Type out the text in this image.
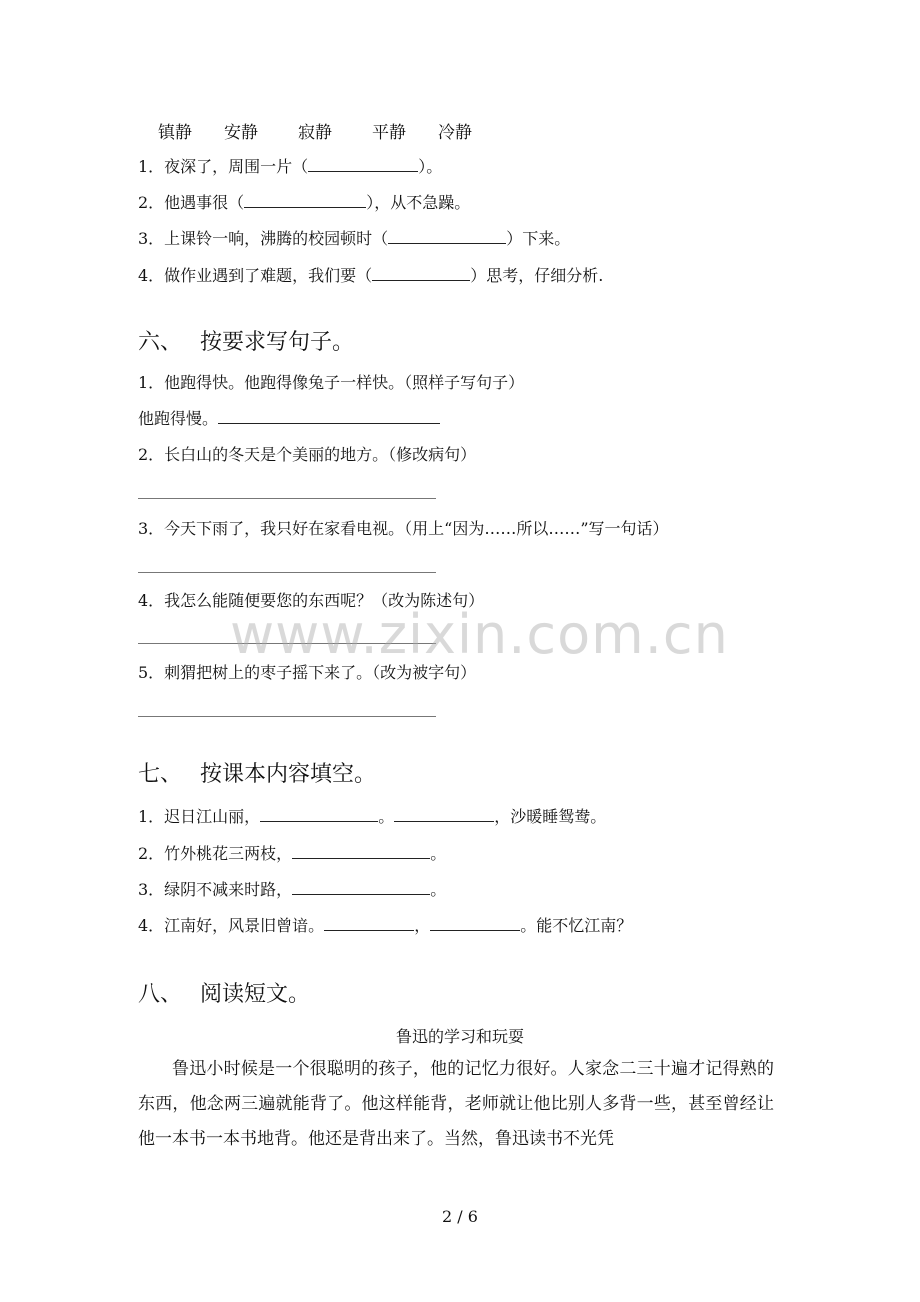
镇静 安静 寂静 平静 冷静
1．夜深了，周围一片（	）。
2．他遇事很（	），从不急躁。
3．上课铃一响，沸腾的校园顿时（	）下来。
4．做作业遇到了难题，我们要（	）思考，仔细分析.
六、 按要求写句子。
1．他跑得快。他跑得像兔子一样快。（照样子写句子）
他跑得慢。
2．长白山的冬天是个美丽的地方。（修改病句）
3．今天下雨了，我只好在家看电视。（用上“因为……所以……”写一句话）
4．我怎么能随便要您的东西呢？（改为陈述句）
5．刺猬把树上的枣子摇下来了。（改为被字句）
七、 按课本内容填空。
1．迟日江山丽，	。	，沙暖睡鸳鸯。
2．竹外桃花三两枝，	。
3．绿阴不减来时路，	。
4．江南好，风景旧曾谙。	，	。能不忆江南？
八、 阅读短文。
鲁迅的学习和玩耍

鲁迅小时候是一个很聪明的孩子，他的记忆力很好。人家念二三十遍才记得熟的东西，他念两三遍就能背了。他这样能背，老师就让他比别人多背一些，甚至曾经让他一本书一本书地背。他还是背出来了。当然，鲁迅读书不光凭

www.zixin.com.cn
2 / 6
